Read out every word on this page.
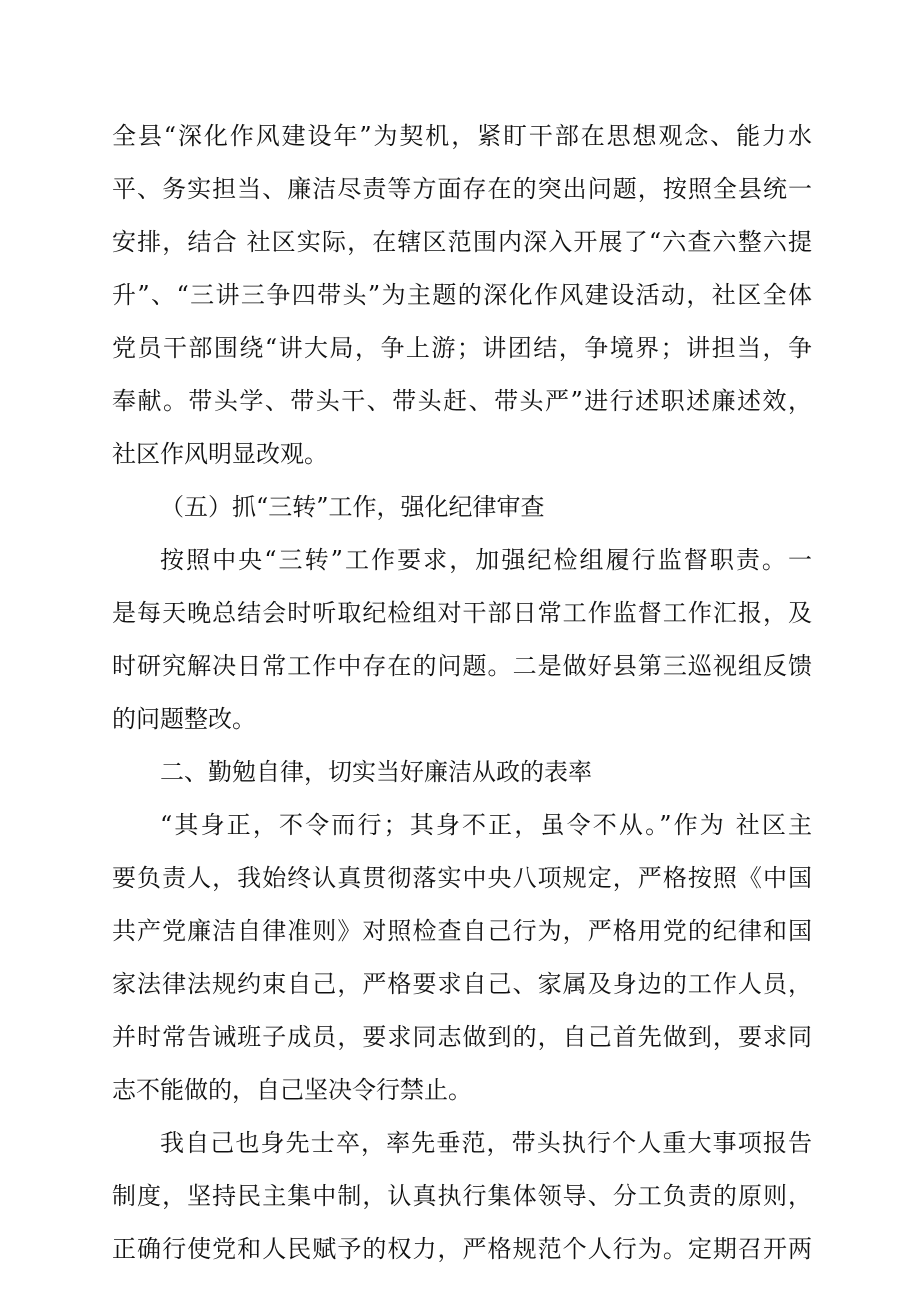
全县“深化作风建设年”为契机，紧盯干部在思想观念、能力水
平、务实担当、廉洁尽责等方面存在的突出问题，按照全县统一
安排，结合 社区实际，在辖区范围内深入开展了“六查六整六提
升”、“三讲三争四带头”为主题的深化作风建设活动，社区全体
党员干部围绕“讲大局，争上游；讲团结，争境界；讲担当，争
奉献。带头学、带头干、带头赶、带头严”进行述职述廉述效，
社区作风明显改观。
（五）抓“三转”工作，强化纪律审查
按照中央“三转”工作要求，加强纪检组履行监督职责。一
是每天晚总结会时听取纪检组对干部日常工作监督工作汇报，及
时研究解决日常工作中存在的问题。二是做好县第三巡视组反馈
的问题整改。
二、勤勉自律，切实当好廉洁从政的表率
“其身正，不令而行；其身不正，虽令不从。”作为 社区主
要负责人，我始终认真贯彻落实中央八项规定，严格按照《中国
共产党廉洁自律准则》对照检查自己行为，严格用党的纪律和国
家法律法规约束自己，严格要求自己、家属及身边的工作人员，
并时常告诫班子成员，要求同志做到的，自己首先做到，要求同
志不能做的，自己坚决令行禁止。
我自己也身先士卒，率先垂范，带头执行个人重大事项报告
制度，坚持民主集中制，认真执行集体领导、分工负责的原则，
正确行使党和人民赋予的权力，严格规范个人行为。定期召开两
